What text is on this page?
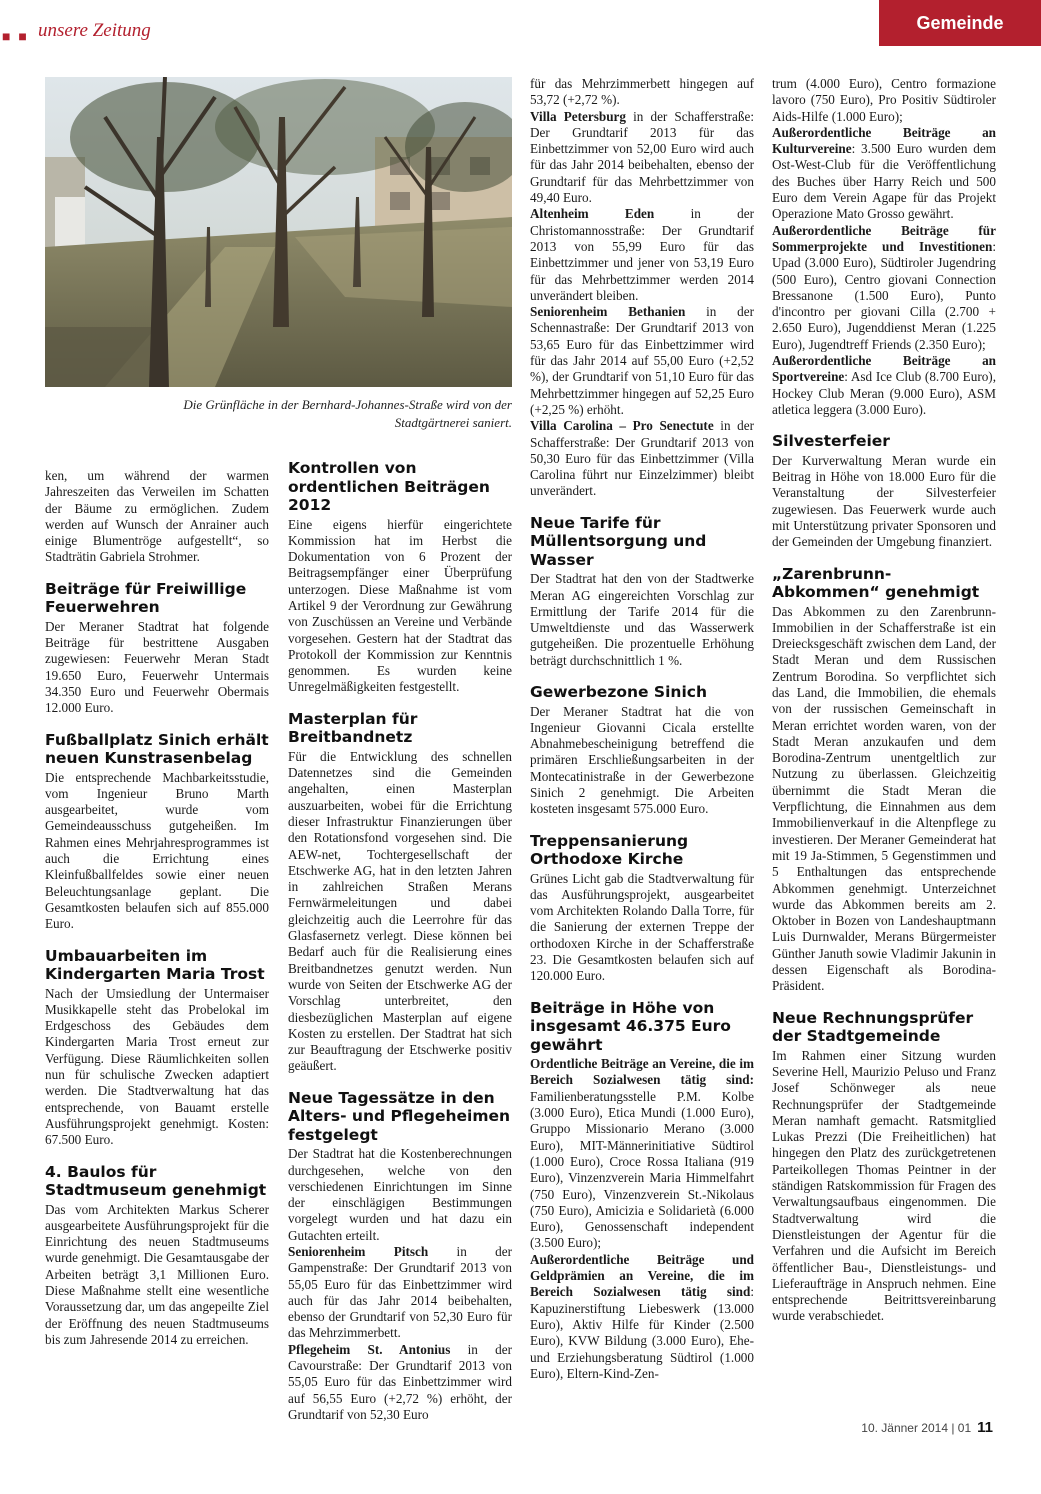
■ ■ unsere Zeitung	Gemeinde
Die Grünfläche in der Bernhard-Johannes-Straße wird von der
Stadtgärtnerei saniert.

ken, um während der warmen Jahreszeiten das Verweilen im Schatten der Bäume zu ermöglichen. Zudem werden auf Wunsch der Anrainer auch einige Blumentröge aufgestellt“, so Stadträtin Gabriela Strohmer.

Beiträge für Freiwillige Feuerwehren

Der Meraner Stadtrat hat folgende Beiträge für bestrittene Ausgaben zugewiesen: Feuerwehr Meran Stadt 19.650 Euro, Feuerwehr Untermais 34.350 Euro und Feuerwehr Obermais 12.000 Euro.

Fußballplatz Sinich erhält neuen Kunstrasenbelag

Die entsprechende Machbarkeitsstudie, vom Ingenieur Bruno Marth ausgearbeitet, wurde vom Gemeindeausschuss gutgeheißen. Im Rahmen eines Mehrjahresprogrammes ist auch die Errichtung eines Kleinfußballfeldes sowie einer neuen Beleuchtungsanlage geplant. Die Gesamtkosten belaufen sich auf 855.000 Euro.

Umbauarbeiten im Kindergarten Maria Trost

Nach der Umsiedlung der Untermaiser Musikkapelle steht das Probelokal im Erdgeschoss des Gebäudes dem Kindergarten Maria Trost erneut zur Verfügung. Diese Räumlichkeiten sollen nun für schulische Zwecken adaptiert werden. Die Stadtverwaltung hat das entsprechende, von Bauamt erstelle Ausführungsprojekt genehmigt. Kosten: 67.500 Euro.

4. Baulos für Stadtmuseum genehmigt

Das vom Architekten Markus Scherer ausgearbeitete Ausführungsprojekt für die Einrichtung des neuen Stadtmuseums wurde genehmigt. Die Gesamtausgabe der Arbeiten beträgt 3,1 Millionen Euro. Diese Maßnahme stellt eine wesentliche Voraussetzung dar, um das angepeilte Ziel der Eröffnung des neuen Stadtmuseums bis zum Jahresende 2014 zu erreichen.

Kontrollen von ordentlichen Beiträgen 2012

Eine eigens hierfür eingerichtete Kommission hat im Herbst die Dokumentation von 6 Prozent der Beitragsempfänger einer Überprüfung unterzogen. Diese Maßnahme ist vom Artikel 9 der Verordnung zur Gewährung von Zuschüssen an Vereine und Verbände vorgesehen. Gestern hat der Stadtrat das Protokoll der Kommission zur Kenntnis genommen. Es wurden keine Unregelmäßigkeiten festgestellt.

Masterplan für Breitbandnetz

Für die Entwicklung des schnellen Datennetzes sind die Gemeinden angehalten, einen Masterplan auszuarbeiten, wobei für die Errichtung dieser Infrastruktur Finanzierungen über den Rotationsfond vorgesehen sind. Die AEW-net, Tochtergesellschaft der Etschwerke AG, hat in den letzten Jahren in zahlreichen Straßen Merans Fernwärmeleitungen und dabei gleichzeitig auch die Leerrohre für das Glasfasernetz verlegt. Diese können bei Bedarf auch für die Realisierung eines Breitbandnetzes genutzt werden. Nun wurde von Seiten der Etschwerke AG der Vorschlag unterbreitet, den diesbezüglichen Masterplan auf eigene Kosten zu erstellen. Der Stadtrat hat sich zur Beauftragung der Etschwerke positiv geäußert.

Neue Tagessätze in den Alters- und Pflegeheimen festgelegt

Der Stadtrat hat die Kostenberechnungen durchgesehen, welche von den verschiedenen Einrichtungen im Sinne der einschlägigen Bestimmungen vorgelegt wurden und hat dazu ein Gutachten erteilt.

Seniorenheim Pitsch in der Gampenstraße: Der Grundtarif 2013 von 55,05 Euro für das Einbettzimmer wird auch für das Jahr 2014 beibehalten, ebenso der Grundtarif von 52,30 Euro für das Mehrzimmerbett.

Pflegeheim St. Antonius in der Cavourstraße: Der Grundtarif 2013 von 55,05 Euro für das Einbettzimmer wird auf 56,55 Euro (+2,72 %) erhöht, der Grundtarif von 52,30 Euro

für das Mehrzimmerbett hingegen auf 53,72 (+2,72 %).

Villa Petersburg in der Schafferstraße: Der Grundtarif 2013 für das Einbettzimmer von 52,00 Euro wird auch für das Jahr 2014 beibehalten, ebenso der Grundtarif für das Mehrbettzimmer von 49,40 Euro.

Altenheim Eden in der Christomannosstraße: Der Grundtarif 2013 von 55,99 Euro für das Einbettzimmer und jener von 53,19 Euro für das Mehrbettzimmer werden 2014 unverändert bleiben.

Seniorenheim Bethanien in der Schennastraße: Der Grundtarif 2013 von 53,65 Euro für das Einbettzimmer wird für das Jahr 2014 auf 55,00 Euro (+2,52 %), der Grundtarif von 51,10 Euro für das Mehrbettzimmer hingegen auf 52,25 Euro (+2,25 %) erhöht.

Villa Carolina – Pro Senectute in der Schafferstraße: Der Grundtarif 2013 von 50,30 Euro für das Einbettzimmer (Villa Carolina führt nur Einzelzimmer) bleibt unverändert.

Neue Tarife für Müllentsorgung und Wasser

Der Stadtrat hat den von der Stadtwerke Meran AG eingereichten Vorschlag zur Ermittlung der Tarife 2014 für die Umweltdienste und das Wasserwerk gutgeheißen. Die prozentuelle Erhöhung beträgt durchschnittlich 1 %.

Gewerbezone Sinich

Der Meraner Stadtrat hat die von Ingenieur Giovanni Cicala erstellte Abnahmebescheinigung betreffend die primären Erschließungsarbeiten in der Montecatinistraße in der Gewerbezone Sinich 2 genehmigt. Die Arbeiten kosteten insgesamt 575.000 Euro.

Treppensanierung Orthodoxe Kirche

Grünes Licht gab die Stadtverwaltung für das Ausführungsprojekt, ausgearbeitet vom Architekten Rolando Dalla Torre, für die Sanierung der externen Treppe der orthodoxen Kirche in der Schafferstraße 23. Die Gesamtkosten belaufen sich auf 120.000 Euro.

Beiträge in Höhe von insgesamt 46.375 Euro gewährt

Ordentliche Beiträge an Vereine, die im Bereich Sozialwesen tätig sind: Familienberatungsstelle P.M. Kolbe (3.000 Euro), Etica Mundi (1.000 Euro), Gruppo Missionario Merano (3.000 Euro), MIT-Männerinitiative Südtirol (1.000 Euro), Croce Rossa Italiana (919 Euro), Vinzenzverein Maria Himmelfahrt (750 Euro), Vinzenzverein St.-Nikolaus (750 Euro), Amicizia e Solidarietà (6.000 Euro), Genossenschaft independent (3.500 Euro);

Außerordentliche Beiträge und Geldprämien an Vereine, die im Bereich Sozialwesen tätig sind: Kapuzinerstiftung Liebeswerk (13.000 Euro), Aktiv Hilfe für Kinder (2.500 Euro), KVW Bildung (3.000 Euro), Ehe- und Erziehungsberatung Südtirol (1.000 Euro), Eltern-Kind-Zen-

trum (4.000 Euro), Centro formazione lavoro (750 Euro), Pro Positiv Südtiroler Aids-Hilfe (1.000 Euro);

Außerordentliche Beiträge an Kulturvereine: 3.500 Euro wurden dem Ost-West-Club für die Veröffentlichung des Buches über Harry Reich und 500 Euro dem Verein Agape für das Projekt Operazione Mato Grosso gewährt.

Außerordentliche Beiträge für Sommerprojekte und Investitionen: Upad (3.000 Euro), Südtiroler Jugendring (500 Euro), Centro giovani Connection Bressanone (1.500 Euro), Punto d'incontro per giovani Cilla (2.700 + 2.650 Euro), Jugenddienst Meran (1.225 Euro), Jugendtreff Friends (2.350 Euro);

Außerordentliche Beiträge an Sportvereine: Asd Ice Club (8.700 Euro), Hockey Club Meran (9.000 Euro), ASM atletica leggera (3.000 Euro).

Silvesterfeier

Der Kurverwaltung Meran wurde ein Beitrag in Höhe von 18.000 Euro für die Veranstaltung der Silvesterfeier zugewiesen. Das Feuerwerk wurde auch mit Unterstützung privater Sponsoren und der Gemeinden der Umgebung finanziert.

„Zarenbrunn-Abkommen“ genehmigt

Das Abkommen zu den Zarenbrunn-Immobilien in der Schafferstraße ist ein Dreiecksgeschäft zwischen dem Land, der Stadt Meran und dem Russischen Zentrum Borodina. So verpflichtet sich das Land, die Immobilien, die ehemals von der russischen Gemeinschaft in Meran errichtet worden waren, von der Stadt Meran anzukaufen und dem Borodina-Zentrum unentgeltlich zur Nutzung zu überlassen. Gleichzeitig übernimmt die Stadt Meran die Verpflichtung, die Einnahmen aus dem Immobilienverkauf in die Altenpflege zu investieren. Der Meraner Gemeinderat hat mit 19 Ja-Stimmen, 5 Gegenstimmen und 5 Enthaltungen das entsprechende Abkommen genehmigt. Unterzeichnet wurde das Abkommen bereits am 2. Oktober in Bozen von Landeshauptmann Luis Durnwalder, Merans Bürgermeister Günther Januth sowie Vladimir Jakunin in dessen Eigenschaft als Borodina-Präsident.

Neue Rechnungsprüfer der Stadtgemeinde

Im Rahmen einer Sitzung wurden Severine Hell, Maurizio Peluso und Franz Josef Schönweger als neue Rechnungsprüfer der Stadtgemeinde Meran namhaft gemacht. Ratsmitglied Lukas Prezzi (Die Freiheitlichen) hat hingegen den Platz des zurückgetretenen Parteikollegen Thomas Peintner in der ständigen Ratskommission für Fragen des Verwaltungsaufbaus eingenommen. Die Stadtverwaltung wird die Dienstleistungen der Agentur für die Verfahren und die Aufsicht im Bereich öffentlicher Bau-, Dienstleistungs- und Lieferaufträge in Anspruch nehmen. Eine entsprechende Beitrittsvereinbarung wurde verabschiedet.

10. Jänner 2014 | 01 11
